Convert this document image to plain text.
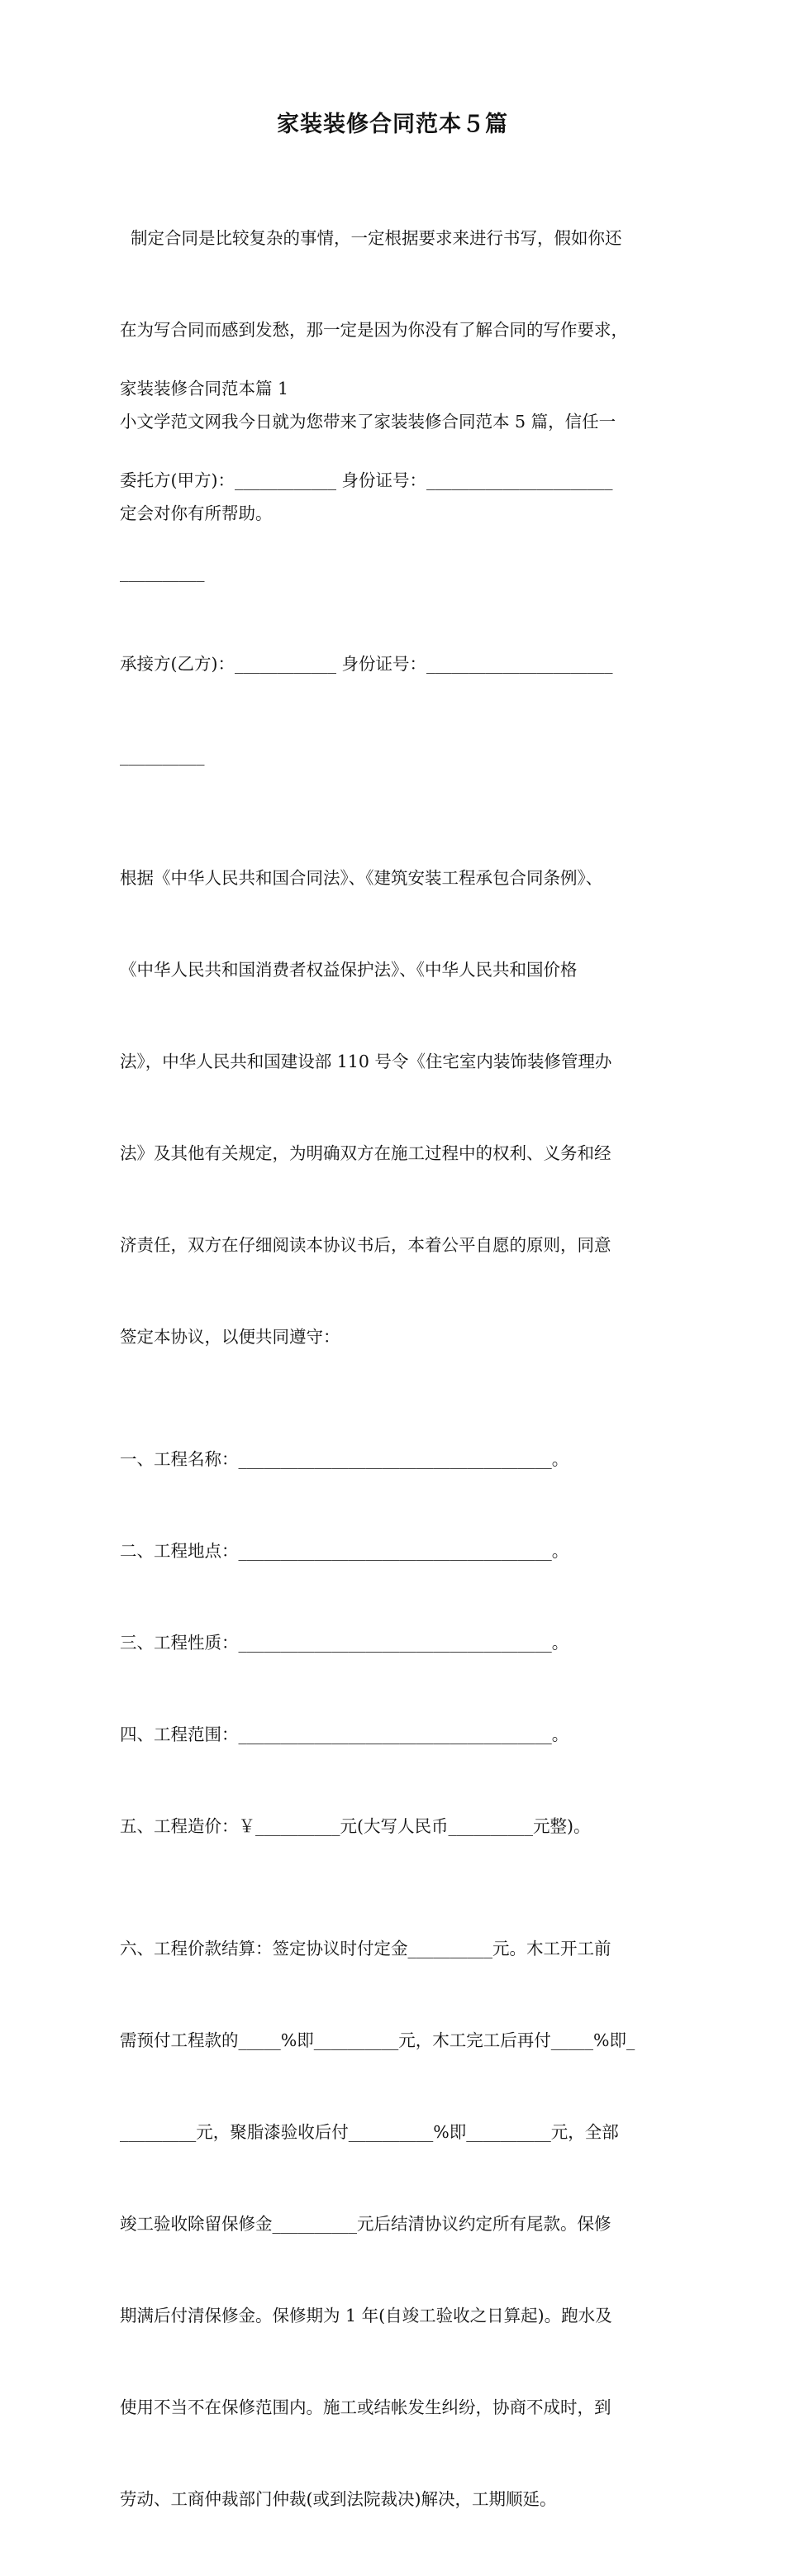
家装装修合同范本５篇

制定合同是比较复杂的事情，一定根据要求来进行书写，假如你还

在为写合同而感到发愁，那一定是因为你没有了解合同的写作要求，

小文学范文网我今日就为您带来了家装装修合同范本 5 篇，信任一

定会对你有所帮助。

家装装修合同范本篇 1

委托方(甲方)：____________ 身份证号：______________________

__________

承接方(乙方)：____________ 身份证号：______________________

__________

根据《中华人民共和国合同法》、《建筑安装工程承包合同条例》、

《中华人民共和国消费者权益保护法》、《中华人民共和国价格

法》，中华人民共和国建设部 110 号令《住宅室内装饰装修管理办

法》及其他有关规定，为明确双方在施工过程中的权利、义务和经

济责任，双方在仔细阅读本协议书后，本着公平自愿的原则，同意

签定本协议，以便共同遵守：

一、工程名称：_____________________________________。

二、工程地点：_____________________________________。

三、工程性质：_____________________________________。

四、工程范围：_____________________________________。

五、工程造价：￥__________元(大写人民币__________元整)。

六、工程价款结算：签定协议时付定金__________元。木工开工前

需预付工程款的_____%即__________元，木工完工后再付_____%即_

_________元，聚脂漆验收后付__________%即__________元，全部

竣工验收除留保修金__________元后结清协议约定所有尾款。保修

期满后付清保修金。保修期为 1 年(自竣工验收之日算起)。跑水及

使用不当不在保修范围内。施工或结帐发生纠纷，协商不成时，到

劳动、工商仲裁部门仲裁(或到法院裁决)解决，工期顺延。
